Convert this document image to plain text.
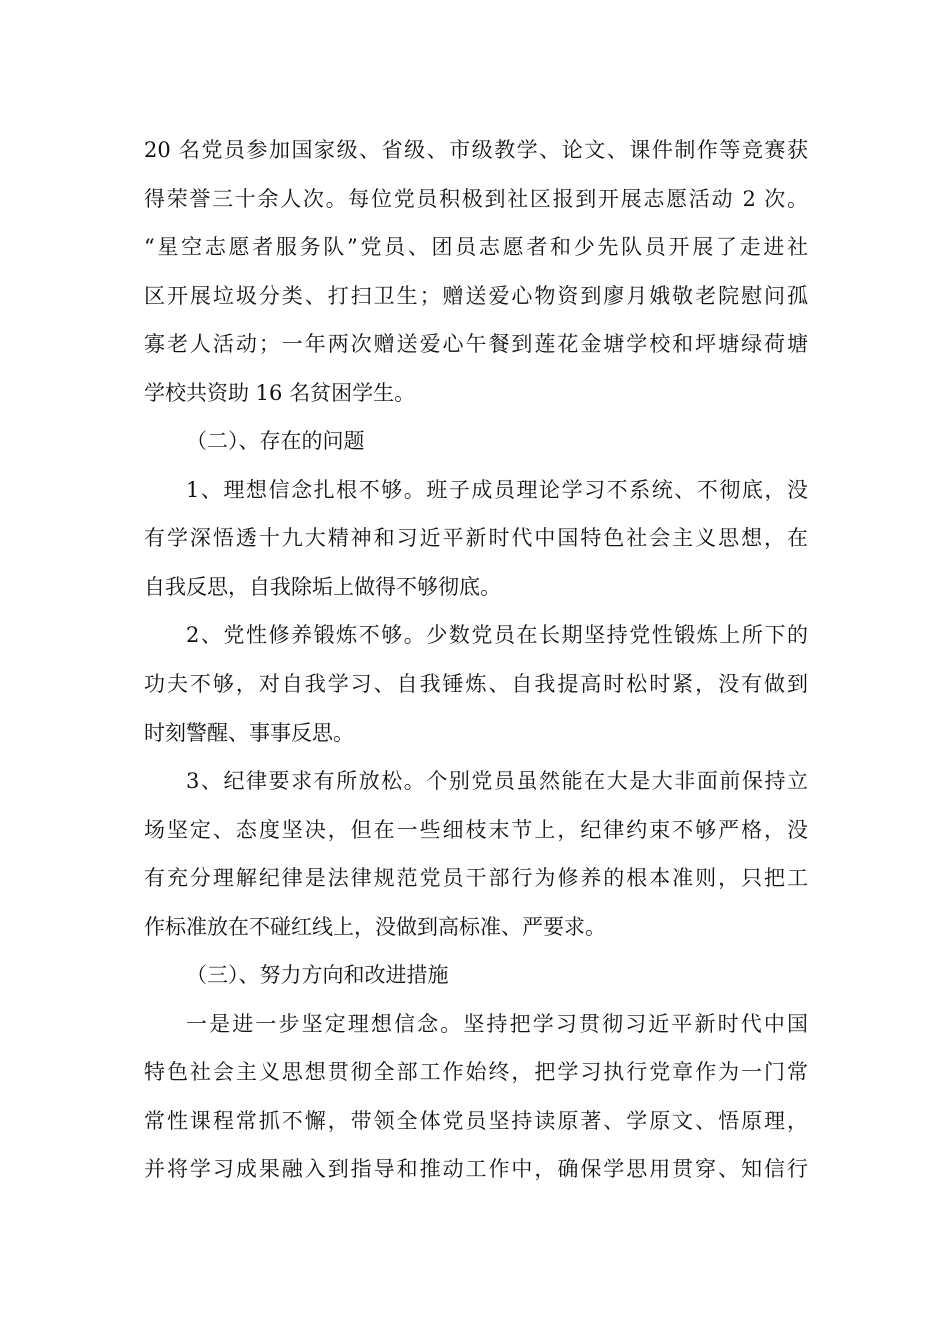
20 名党员参加国家级、省级、市级教学、论文、课件制作等竞赛获
得荣誉三十余人次。每位党员积极到社区报到开展志愿活动 2 次。
“星空志愿者服务队”党员、团员志愿者和少先队员开展了走进社
区开展垃圾分类、打扫卫生；赠送爱心物资到廖月娥敬老院慰问孤
寡老人活动；一年两次赠送爱心午餐到莲花金塘学校和坪塘绿荷塘
学校共资助 16 名贫困学生。
（二）、存在的问题
1、理想信念扎根不够。班子成员理论学习不系统、不彻底，没
有学深悟透十九大精神和习近平新时代中国特色社会主义思想，在
自我反思，自我除垢上做得不够彻底。
2、党性修养锻炼不够。少数党员在长期坚持党性锻炼上所下的
功夫不够，对自我学习、自我锤炼、自我提高时松时紧，没有做到
时刻警醒、事事反思。
3、纪律要求有所放松。个别党员虽然能在大是大非面前保持立
场坚定、态度坚决，但在一些细枝末节上，纪律约束不够严格，没
有充分理解纪律是法律规范党员干部行为修养的根本准则，只把工
作标准放在不碰红线上，没做到高标准、严要求。
（三）、努力方向和改进措施
一是进一步坚定理想信念。坚持把学习贯彻习近平新时代中国
特色社会主义思想贯彻全部工作始终，把学习执行党章作为一门常
常性课程常抓不懈，带领全体党员坚持读原著、学原文、悟原理，
并将学习成果融入到指导和推动工作中，确保学思用贯穿、知信行
